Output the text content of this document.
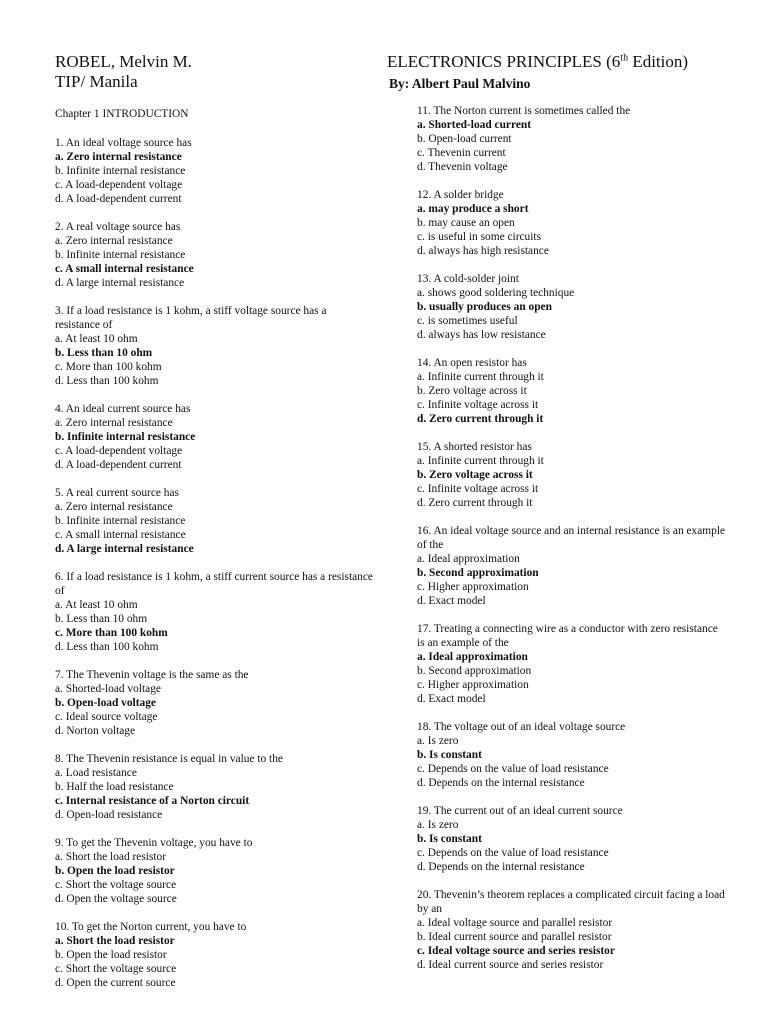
ROBEL, Melvin M.
TIP/ Manila
ELECTRONICS PRINCIPLES (6th Edition)
By: Albert Paul Malvino
Chapter 1 INTRODUCTION
1. An ideal voltage source has
a. Zero internal resistance
b. Infinite internal resistance
c. A load-dependent voltage
d. A load-dependent current
2. A real voltage source has
a. Zero internal resistance
b. Infinite internal resistance
c. A small internal resistance
d. A large internal resistance
3. If a load resistance is 1 kohm, a stiff voltage source has a resistance of
a. At least 10 ohm
b. Less than 10 ohm
c. More than 100 kohm
d. Less than 100 kohm
4. An ideal current source has
a. Zero internal resistance
b. Infinite internal resistance
c. A load-dependent voltage
d. A load-dependent current
5. A real current source has
a. Zero internal resistance
b. Infinite internal resistance
c. A small internal resistance
d. A large internal resistance
6. If a load resistance is 1 kohm, a stiff current source has a resistance of
a. At least 10 ohm
b. Less than 10 ohm
c. More than 100 kohm
d. Less than 100 kohm
7. The Thevenin voltage is the same as the
a. Shorted-load voltage
b. Open-load voltage
c. Ideal source voltage
d. Norton voltage
8. The Thevenin resistance is equal in value to the
a. Load resistance
b. Half the load resistance
c. Internal resistance of a Norton circuit
d. Open-load resistance
9. To get the Thevenin voltage, you have to
a. Short the load resistor
b. Open the load resistor
c. Short the voltage source
d. Open the voltage source
10. To get the Norton current, you have to
a. Short the load resistor
b. Open the load resistor
c. Short the voltage source
d. Open the current source
11. The Norton current is sometimes called the
a. Shorted-load current
b. Open-load current
c. Thevenin current
d. Thevenin voltage
12. A solder bridge
a. may produce a short
b. may cause an open
c. is useful in some circuits
d. always has high resistance
13. A cold-solder joint
a. shows good soldering technique
b. usually produces an open
c. is sometimes useful
d. always has low resistance
14. An open resistor has
a. Infinite current through it
b. Zero voltage across it
c. Infinite voltage across it
d. Zero current through it
15. A shorted resistor has
a. Infinite current through it
b. Zero voltage across it
c. Infinite voltage across it
d. Zero current through it
16. An ideal voltage source and an internal resistance is an example of the
a. Ideal approximation
b. Second approximation
c. Higher approximation
d. Exact model
17. Treating a connecting wire as a conductor with zero resistance is an example of the
a. Ideal approximation
b. Second approximation
c. Higher approximation
d. Exact model
18. The voltage out of an ideal voltage source
a. Is zero
b. Is constant
c. Depends on the value of load resistance
d. Depends on the internal resistance
19. The current out of an ideal current source
a. Is zero
b. Is constant
c. Depends on the value of load resistance
d. Depends on the internal resistance
20. Thevenin’s theorem replaces a complicated circuit facing a load by an
a. Ideal voltage source and parallel resistor
b. Ideal current source and parallel resistor
c. Ideal voltage source and series resistor
d. Ideal current source and series resistor
